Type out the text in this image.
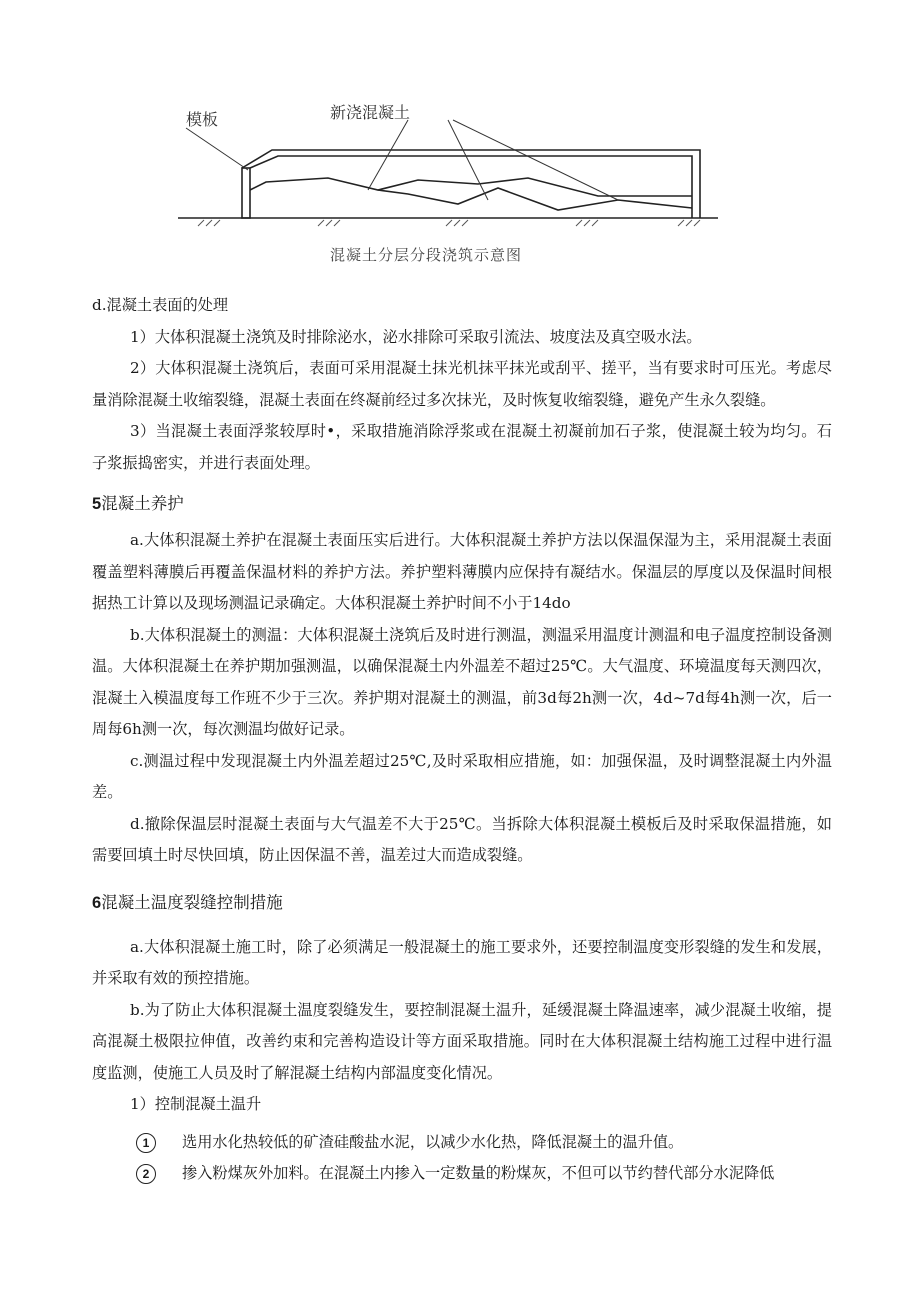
模板	新浇混凝土
混凝土分层分段浇筑示意图

d.混凝土表面的处理

1）大体积混凝土浇筑及时排除泌水，泌水排除可采取引流法、坡度法及真空吸水法。

2）大体积混凝土浇筑后，表面可采用混凝土抹光机抹平抹光或刮平、搓平，当有要求时可压光。考虑尽量消除混凝土收缩裂缝，混凝土表面在终凝前经过多次抹光，及时恢复收缩裂缝，避免产生永久裂缝。

3）当混凝土表面浮浆较厚时•，采取措施消除浮浆或在混凝土初凝前加石子浆，使混凝土较为均匀。石子浆振捣密实，并进行表面处理。

5混凝土养护

a.大体积混凝土养护在混凝土表面压实后进行。大体积混凝土养护方法以保温保湿为主，采用混凝土表面覆盖塑料薄膜后再覆盖保温材料的养护方法。养护塑料薄膜内应保持有凝结水。保温层的厚度以及保温时间根据热工计算以及现场测温记录确定。大体积混凝土养护时间不小于14do

b.大体积混凝土的测温：大体积混凝土浇筑后及时进行测温，测温采用温度计测温和电子温度控制设备测温。大体积混凝土在养护期加强测温，以确保混凝土内外温差不超过25℃。大气温度、环境温度每天测四次，混凝土入模温度每工作班不少于三次。养护期对混凝土的测温，前3d每2h测一次，4d~7d每4h测一次，后一周每6h测一次，每次测温均做好记录。

c.测温过程中发现混凝土内外温差超过25℃,及时采取相应措施，如：加强保温，及时调整混凝土内外温差。

d.撤除保温层时混凝土表面与大气温差不大于25℃。当拆除大体积混凝土模板后及时采取保温措施，如需要回填土时尽快回填，防止因保温不善，温差过大而造成裂缝。

6混凝土温度裂缝控制措施

a.大体积混凝土施工时，除了必须满足一般混凝土的施工要求外，还要控制温度变形裂缝的发生和发展，并采取有效的预控措施。

b.为了防止大体积混凝土温度裂缝发生，要控制混凝土温升，延缓混凝土降温速率，减少混凝土收缩，提高混凝土极限拉伸值，改善约束和完善构造设计等方面采取措施。同时在大体积混凝土结构施工过程中进行温度监测，使施工人员及时了解混凝土结构内部温度变化情况。

1）控制混凝土温升

1	选用水化热较低的矿渣硅酸盐水泥，以减少水化热，降低混凝土的温升值。
2	掺入粉煤灰外加料。在混凝土内掺入一定数量的粉煤灰，不但可以节约替代部分水泥降低
